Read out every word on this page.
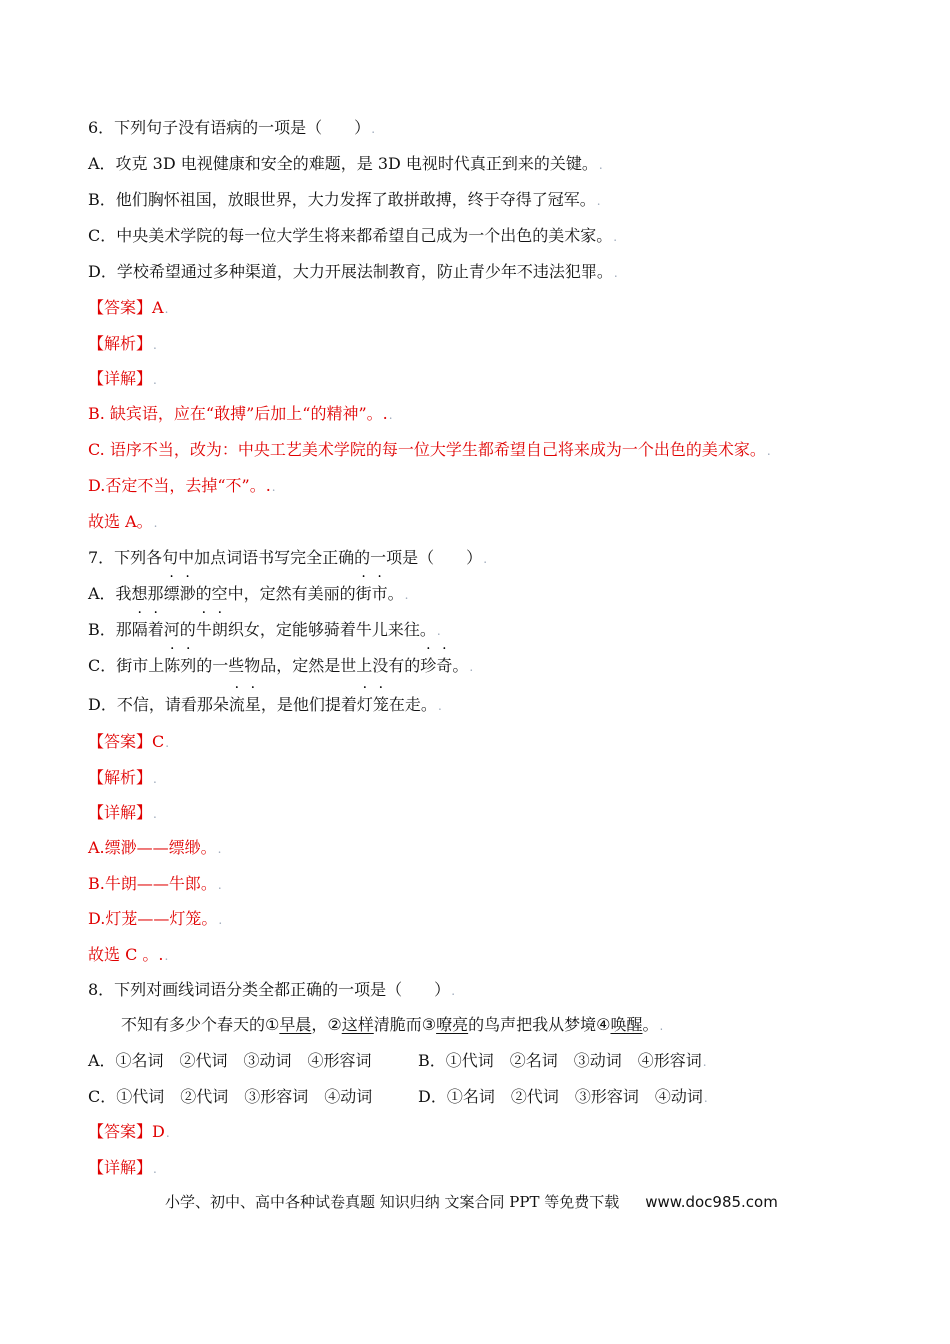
6．下列句子没有语病的一项是（　　）.
A．攻克 3D 电视健康和安全的难题，是 3D 电视时代真正到来的关键。.
B．他们胸怀祖国，放眼世界，大力发挥了敢拼敢搏，终于夺得了冠军。.
C．中央美术学院的每一位大学生将来都希望自己成为一个出色的美术家。.
D．学校希望通过多种渠道，大力开展法制教育，防止青少年不违法犯罪。.
【答案】A.
【解析】.
【详解】.
B. 缺宾语，应在“敢搏”后加上“的精神”。..
C. 语序不当，改为：中央工艺美术学院的每一位大学生都希望自己将来成为一个出色的美术家。.
D.否定不当，去掉“不”。..
故选 A。.
7．下列各句中加点词语书写完全正确的一项是（　　）.
A．我想那缥渺的空中，定然有美丽的街市。.
B．那隔着河的牛朗织女，定能够骑着牛儿来往。.
C．街市上陈列的一些物品，定然是世上没有的珍奇。.
D．不信，请看那朵流星，是他们提着灯笼在走。.
【答案】C.
【解析】.
【详解】.
A.缥渺——缥缈。.
B.牛朗——牛郎。.
D.灯茏——灯笼。.
故选 C 。..
8．下列对画线词语分类全都正确的一项是（　　）.
不知有多少个春天的①早晨，②这样清脆而③嘹亮的鸟声把我从梦境④唤醒。.
A．①名词　②代词　③动词　④形容词	B．①代词　②名词　③动词　④形容词.
C．①代词　②代词　③形容词　④动词	D．①名词　②代词　③形容词　④动词.
【答案】D.
【详解】.
小学、初中、高中各种试卷真题 知识归纳 文案合同 PPT 等免费下载 www.doc985.com
